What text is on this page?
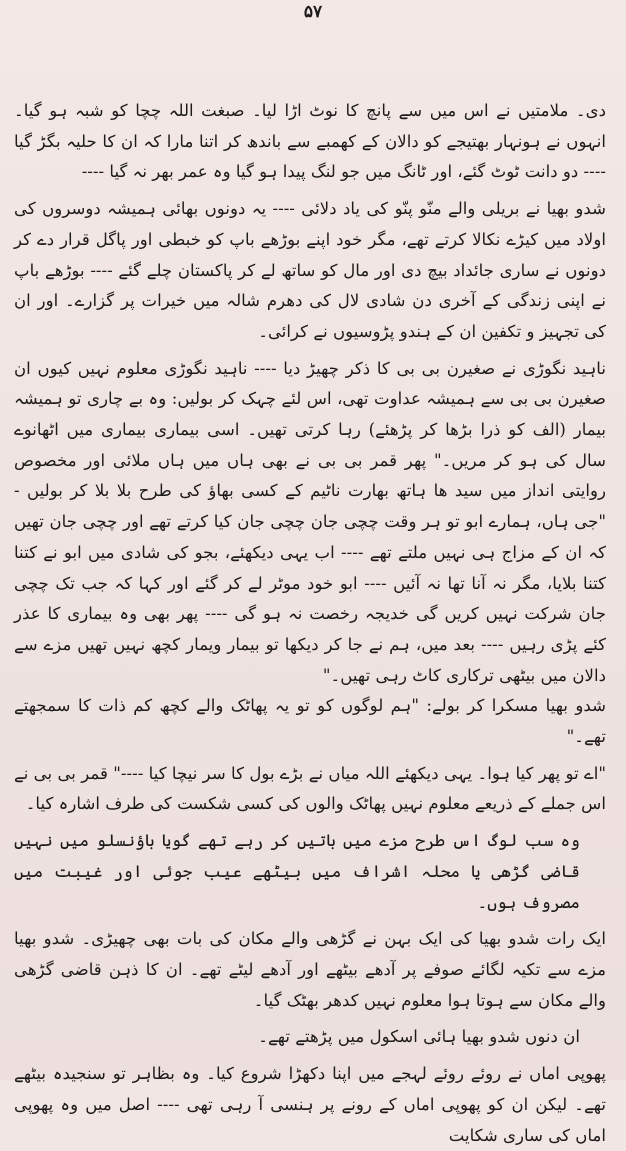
۵۷

دی۔ ملامتیں نے اس میں سے پانچ کا نوٹ اڑا لیا۔ صبغت اللہ چچا کو شبہ ہو گیا۔ انہوں نے ہونہار بھتیجے کو دالان کے کھمبے سے باندھ کر اتنا مارا کہ ان کا حلیہ بگڑ گیا ---- دو دانت ٹوٹ گئے، اور ٹانگ میں جو لنگ پیدا ہو گیا وہ عمر بھر نہ گیا ----

شدو بھیا نے بریلی والے منّو پنّو کی یاد دلائی ---- یہ دونوں بھائی ہمیشہ دوسروں کی اولاد میں کیڑے نکالا کرتے تھے، مگر خود اپنے بوڑھے باپ کو خبطی اور پاگل قرار دے کر دونوں نے ساری جائداد بیچ دی اور مال کو ساتھ لے کر پاکستان چلے گئے ---- بوڑھے باپ نے اپنی زندگی کے آخری دن شادی لال کی دھرم شالہ میں خیرات پر گزارے۔ اور ان کی تجہیز و تکفین ان کے ہندو پڑوسیوں نے کرائی۔

ناہید نگوڑی نے صغیرن بی بی کا ذکر چھیڑ دیا ---- ناہید نگوڑی معلوم نہیں کیوں ان صغیرن بی بی سے ہمیشہ عداوت تھی، اس لئے چہک کر بولیں: وہ بے چاری تو ہمیشہ بیمار (الف کو ذرا بڑھا کر پڑھئے) رہا کرتی تھیں۔ اسی بیماری بیماری میں اٹھانوے سال کی ہو کر مریں۔" پھر قمر بی بی نے بھی ہاں میں ہاں ملائی اور مخصوص روایتی انداز میں سید ھا ہاتھ بھارت ناٹیم کے کسی بھاؤ کی طرح بلا بلا کر بولیں - "جی ہاں، ہمارے ابو تو ہر وقت چچی جان چچی جان کیا کرتے تھے اور چچی جان تھیں کہ ان کے مزاج ہی نہیں ملتے تھے ---- اب یہی دیکھئے، بجو کی شادی میں ابو نے کتنا کتنا بلایا، مگر نہ آنا تھا نہ آئیں ---- ابو خود موٹر لے کر گئے اور کہا کہ جب تک چچی جان شرکت نہیں کریں گی خدیجہ رخصت نہ ہو گی ---- پھر بھی وہ بیماری کا عذر کئے پڑی رہیں ---- بعد میں، ہم نے جا کر دیکھا تو بیمار ویمار کچھ نہیں تھیں مزے سے دالان میں بیٹھی ترکاری کاٹ رہی تھیں۔"

شدو بھیا مسکرا کر بولے: "ہم لوگوں کو تو یہ پھاٹک والے کچھ کم ذات کا سمجھتے تھے۔"

"اے تو پھر کیا ہوا۔ یہی دیکھئے اللہ میاں نے بڑے بول کا سر نیچا کیا ----" قمر بی بی نے اس جملے کے ذریعے معلوم نہیں پھاٹک والوں کی کسی شکست کی طرف اشارہ کیا۔

وہ سب لوگ اس طرح مزے میں باتیں کر رہے تھے گویا باؤنسلو میں نہیں قاضی گڑھی یا محلہ اشراف میں بیٹھے عیب جوئی اور غیبت میں مصروف ہوں۔

ایک رات شدو بھیا کی ایک بہن نے گڑھی والے مکان کی بات بھی چھیڑی۔ شدو بھیا مزے سے تکیہ لگائے صوفے پر آدھے بیٹھے اور آدھے لیٹے تھے۔ ان کا ذہن قاضی گڑھی والے مکان سے ہوتا ہوا معلوم نہیں کدھر بھٹک گیا۔

ان دنوں شدو بھیا ہائی اسکول میں پڑھتے تھے۔

پھوپی اماں نے روئے روئے لہجے میں اپنا دکھڑا شروع کیا۔ وہ بظاہر تو سنجیدہ بیٹھے تھے۔ لیکن ان کو پھوپی اماں کے رونے پر ہنسی آ رہی تھی ---- اصل میں وہ پھوپی اماں کی ساری شکایت
